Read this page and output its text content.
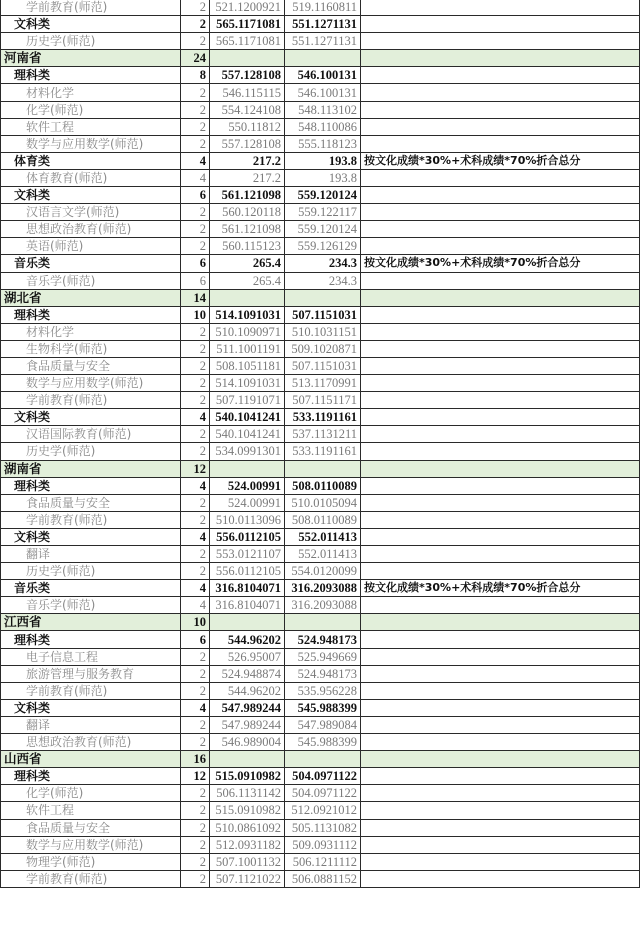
学前教育(师范)	2	521.1200921	519.1160811	
文科类	2	565.1171081	551.1271131	
历史学(师范)	2	565.1171081	551.1271131	
河南省	24			
理科类	8	557.128108	546.100131	
材料化学	2	546.115115	546.100131	
化学(师范)	2	554.124108	548.113102	
软件工程	2	550.11812	548.110086	
数学与应用数学(师范)	2	557.128108	555.118123	
体育类	4	217.2	193.8	按文化成绩*30%+术科成绩*70%折合总分
体育教育(师范)	4	217.2	193.8	
文科类	6	561.121098	559.120124	
汉语言文学(师范)	2	560.120118	559.122117	
思想政治教育(师范)	2	561.121098	559.120124	
英语(师范)	2	560.115123	559.126129	
音乐类	6	265.4	234.3	按文化成绩*30%+术科成绩*70%折合总分
音乐学(师范)	6	265.4	234.3	
湖北省	14			
理科类	10	514.1091031	507.1151031	
材料化学	2	510.1090971	510.1031151	
生物科学(师范)	2	511.1001191	509.1020871	
食品质量与安全	2	508.1051181	507.1151031	
数学与应用数学(师范)	2	514.1091031	513.1170991	
学前教育(师范)	2	507.1191071	507.1151171	
文科类	4	540.1041241	533.1191161	
汉语国际教育(师范)	2	540.1041241	537.1131211	
历史学(师范)	2	534.0991301	533.1191161	
湖南省	12			
理科类	4	524.00991	508.0110089	
食品质量与安全	2	524.00991	510.0105094	
学前教育(师范)	2	510.0113096	508.0110089	
文科类	4	556.0112105	552.011413	
翻译	2	553.0121107	552.011413	
历史学(师范)	2	556.0112105	554.0120099	
音乐类	4	316.8104071	316.2093088	按文化成绩*30%+术科成绩*70%折合总分
音乐学(师范)	4	316.8104071	316.2093088	
江西省	10			
理科类	6	544.96202	524.948173	
电子信息工程	2	526.95007	525.949669	
旅游管理与服务教育	2	524.948874	524.948173	
学前教育(师范)	2	544.96202	535.956228	
文科类	4	547.989244	545.988399	
翻译	2	547.989244	547.989084	
思想政治教育(师范)	2	546.989004	545.988399	
山西省	16			
理科类	12	515.0910982	504.0971122	
化学(师范)	2	506.1131142	504.0971122	
软件工程	2	515.0910982	512.0921012	
食品质量与安全	2	510.0861092	505.1131082	
数学与应用数学(师范)	2	512.0931182	509.0931112	
物理学(师范)	2	507.1001132	506.1211112	
学前教育(师范)	2	507.1121022	506.0881152	
